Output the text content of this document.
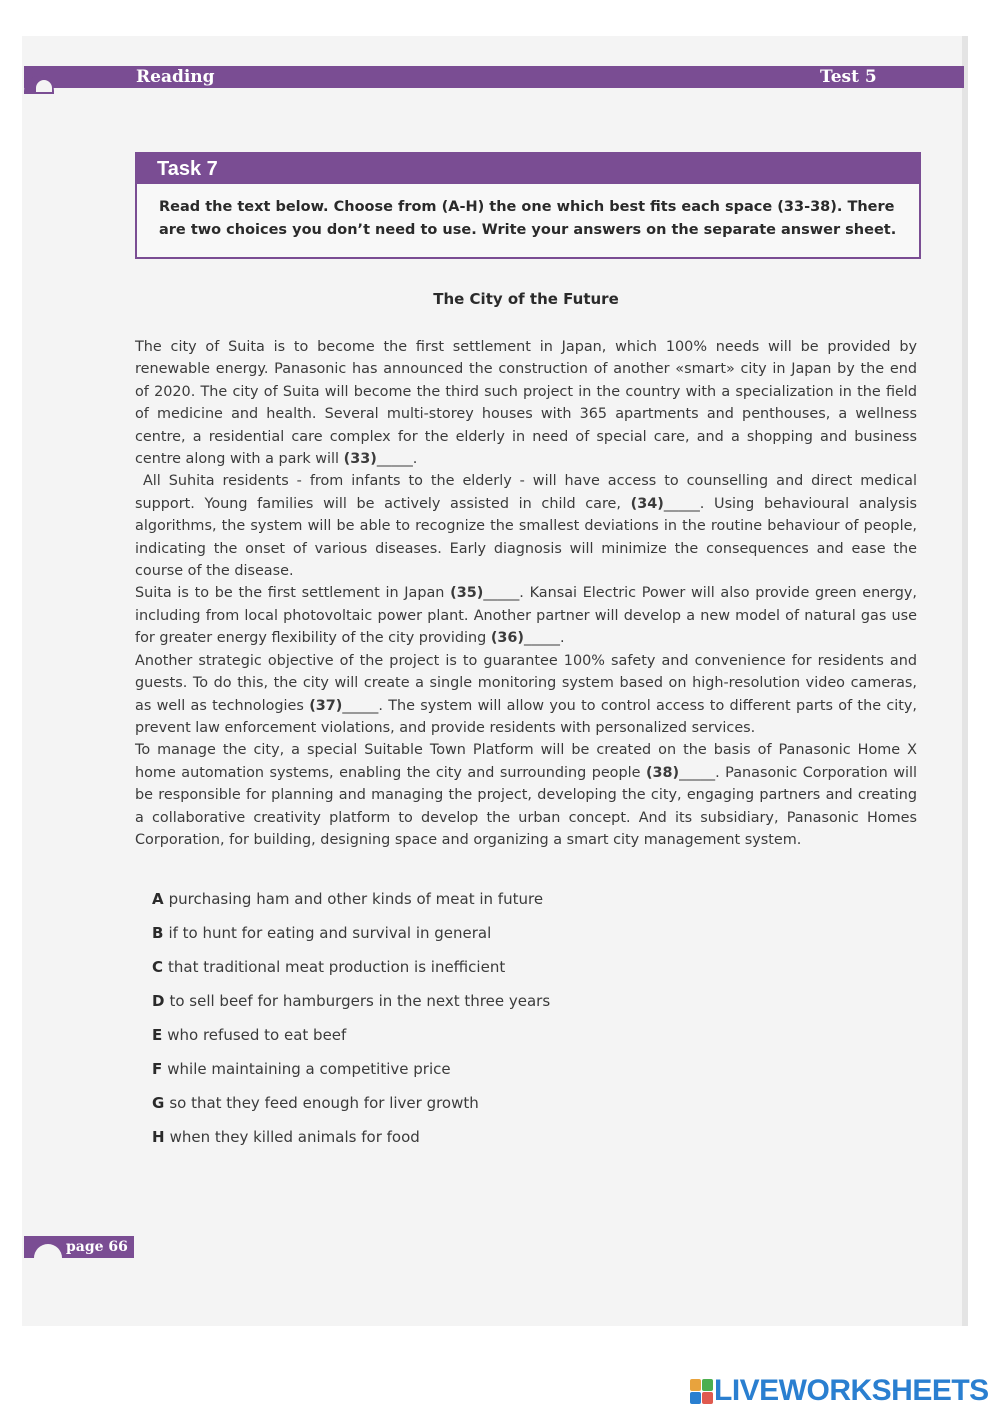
Reading	Test 5
Task 7
Read the text below. Choose from (A-H) the one which best fits each space (33-38). There are two choices you don’t need to use. Write your answers on the separate answer sheet.
The City of the Future

The city of Suita is to become the first settlement in Japan, which 100% needs will be provided by renewable energy. Panasonic has announced the construction of another «smart» city in Japan by the end of 2020. The city of Suita will become the third such project in the country with a specialization in the field of medicine and health. Several multi-storey houses with 365 apartments and penthouses, a wellness centre, a residential care complex for the elderly in need of special care, and a shopping and business centre along with a park will (33)_____.

All Suhita residents - from infants to the elderly - will have access to counselling and direct medical support. Young families will be actively assisted in child care, (34)_____. Using behavioural analysis algorithms, the system will be able to recognize the smallest deviations in the routine behaviour of people, indicating the onset of various diseases. Early diagnosis will minimize the consequences and ease the course of the disease.

Suita is to be the first settlement in Japan (35)_____. Kansai Electric Power will also provide green energy, including from local photovoltaic power plant. Another partner will develop a new model of natural gas use for greater energy flexibility of the city providing (36)_____.

Another strategic objective of the project is to guarantee 100% safety and convenience for residents and guests. To do this, the city will create a single monitoring system based on high-resolution video cameras, as well as technologies (37)_____. The system will allow you to control access to different parts of the city, prevent law enforcement violations, and provide residents with personalized services.

To manage the city, a special Suitable Town Platform will be created on the basis of Panasonic Home X home automation systems, enabling the city and surrounding people (38)_____. Panasonic Corporation will be responsible for planning and managing the project, developing the city, engaging partners and creating a collaborative creativity platform to develop the urban concept. And its subsidiary, Panasonic Homes Corporation, for building, designing space and organizing a smart city management system.

A purchasing ham and other kinds of meat in future
B if to hunt for eating and survival in general
C that traditional meat production is inefficient
D to sell beef for hamburgers in the next three years
E who refused to eat beef
F while maintaining a competitive price
G so that they feed enough for liver growth
H when they killed animals for food
page 66
LIVEWORKSHEETS
